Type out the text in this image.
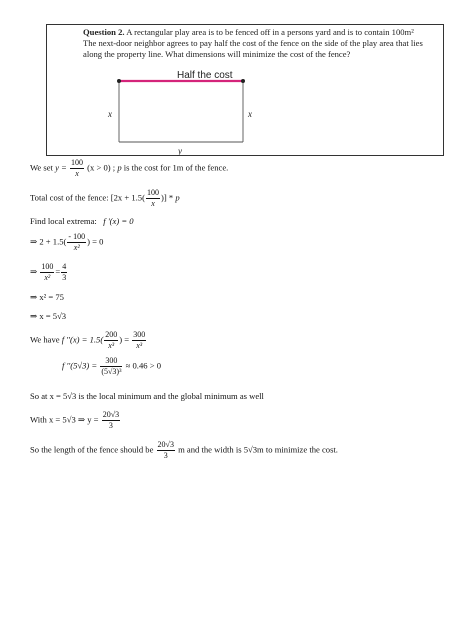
Question 2. A rectangular play area is to be fenced off in a persons yard and is to contain 100m² The next-door neighbor agrees to pay half the cost of the fence on the side of the play area that lies along the property line. What dimensions will minimize the cost of the fence?
Half the cost
x	x
y
We set $y = \frac{100}{x} (x > 0)$ ; p is the cost for 1m of the fence.
Total cost of the fence: [$2x + 1.5( \frac{100}{x}$ )] * p
Find local extrema: f '(x) = 0
⇒ $2 + 1.5( \frac{- 100}{\text{x²}}$ ) = 0
⇒ $\frac{100}{\text{x²}} = \frac{4}{3}$
⇒ x² = 75
⇒ x = 5√3
We have f ''$(x) = 1.5( \frac{200}{\text{x³}}$ ) = $\frac{300}{\text{x³}}$
f ''$(5√3) = \frac{300}{\text{(5√3)³}} \approx 0.46 > 0$
So at x = 5√3 is the local minimum and the global minimum as well
With x = 5√3 ⇒ $y = \frac{20√3}{3}$
So the length of the fence should be $\frac{20√3}{3}$ m and the width is 5√3m to minimize the cost.
